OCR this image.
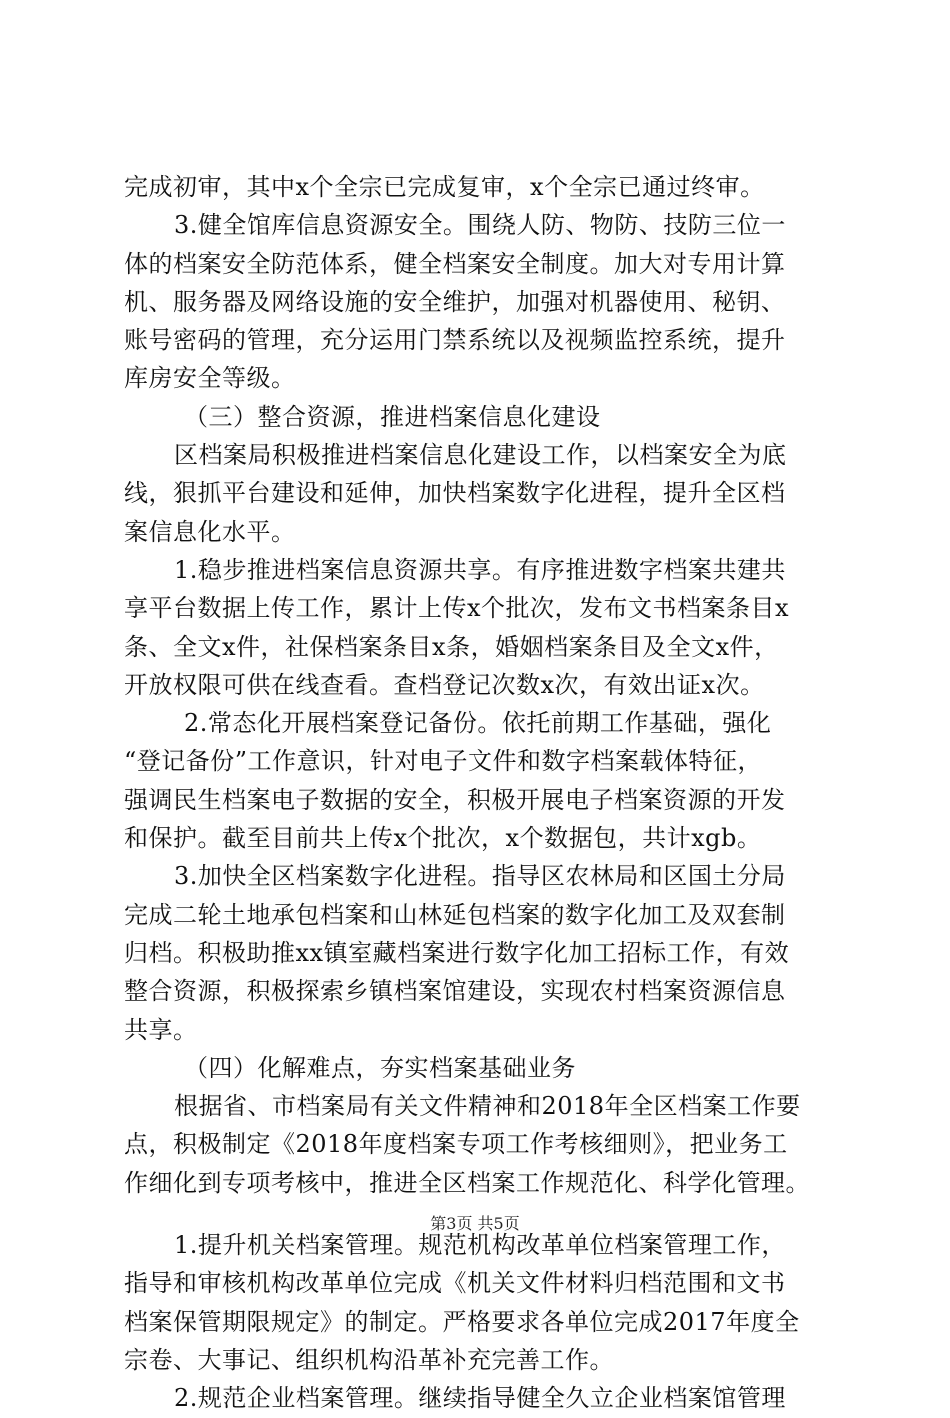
完成初审，其中x个全宗已完成复审，x个全宗已通过终审。
3.健全馆库信息资源安全。围绕人防、物防、技防三位一
体的档案安全防范体系，健全档案安全制度。加大对专用计算
机、服务器及网络设施的安全维护，加强对机器使用、秘钥、
账号密码的管理，充分运用门禁系统以及视频监控系统，提升
库房安全等级。
（三）整合资源，推进档案信息化建设
区档案局积极推进档案信息化建设工作，以档案安全为底
线，狠抓平台建设和延伸，加快档案数字化进程，提升全区档
案信息化水平。
1.稳步推进档案信息资源共享。有序推进数字档案共建共
享平台数据上传工作，累计上传x个批次，发布文书档案条目x
条、全文x件，社保档案条目x条，婚姻档案条目及全文x件，
开放权限可供在线查看。查档登记次数x次，有效出证x次。
2.常态化开展档案登记备份。依托前期工作基础，强化
“登记备份”工作意识，针对电子文件和数字档案载体特征，
强调民生档案电子数据的安全，积极开展电子档案资源的开发
和保护。截至目前共上传x个批次，x个数据包，共计xgb。
3.加快全区档案数字化进程。指导区农林局和区国土分局
完成二轮土地承包档案和山林延包档案的数字化加工及双套制
归档。积极助推xx镇室藏档案进行数字化加工招标工作，有效
整合资源，积极探索乡镇档案馆建设，实现农村档案资源信息
共享。
（四）化解难点，夯实档案基础业务
根据省、市档案局有关文件精神和2018年全区档案工作要
点，积极制定《2018年度档案专项工作考核细则》，把业务工
作细化到专项考核中，推进全区档案工作规范化、科学化管理。
1.提升机关档案管理。规范机构改革单位档案管理工作，
指导和审核机构改革单位完成《机关文件材料归档范围和文书
档案保管期限规定》的制定。严格要求各单位完成2017年度全
宗卷、大事记、组织机构沿革补充完善工作。
2.规范企业档案管理。继续指导健全久立企业档案馆管理
第3页 共5页
